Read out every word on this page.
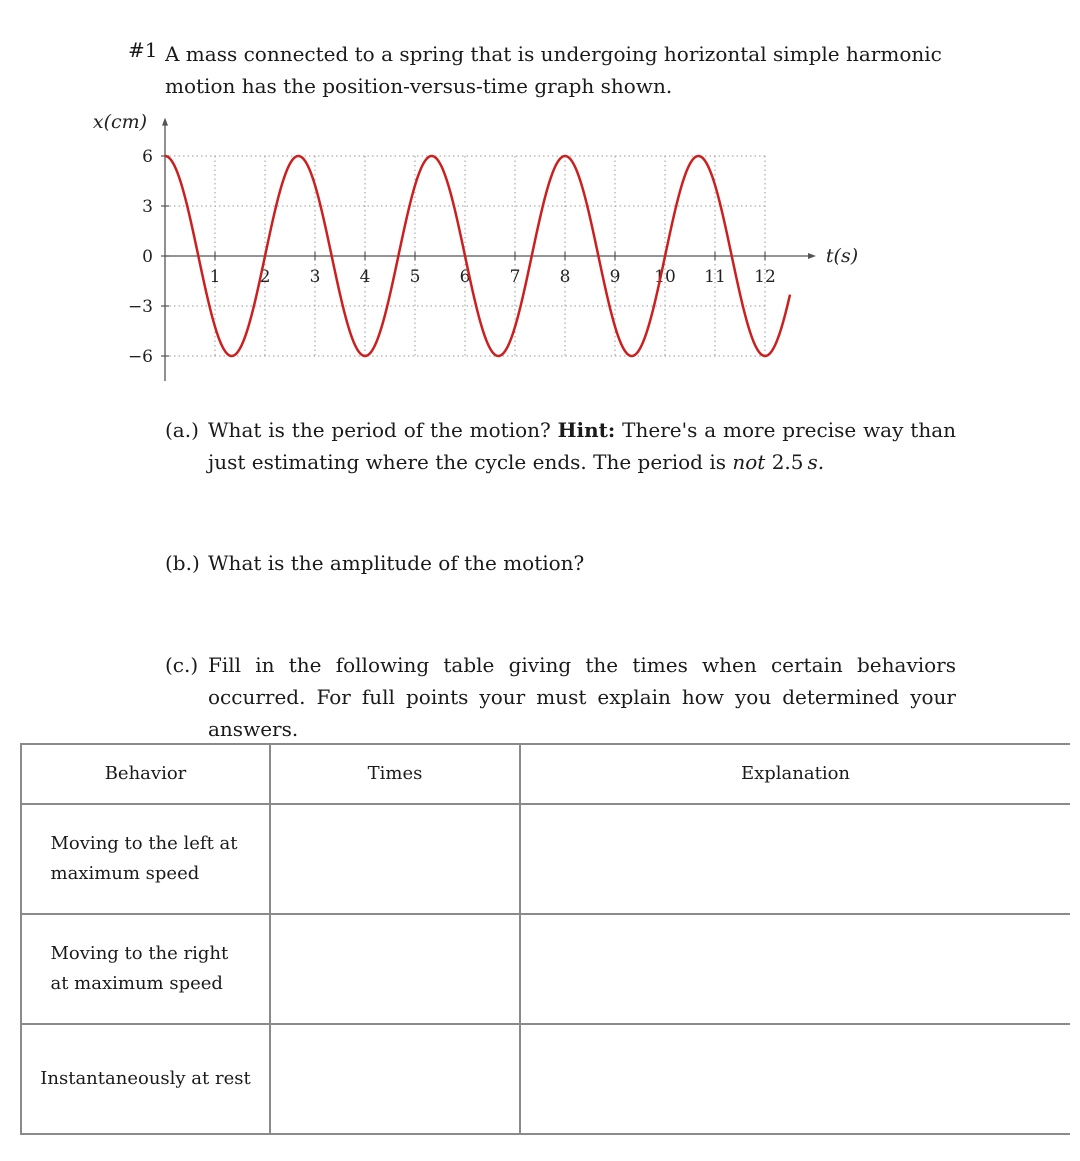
#1 A mass connected to a spring that is undergoing horizontal simple harmonic motion has the position-versus-time graph shown.
x(cm)
t(s)
6
3
0
−3
−6
1 2 3 4 5 6 7 8 9 10 11 12
(a.) What is the period of the motion? Hint: There's a more precise way than just estimating where the cycle ends. The period is not 2.5  s.
(b.) What is the amplitude of the motion?
(c.) Fill in the following table giving the times when certain behaviors occurred. For full points your must explain how you determined your answers.
Behavior	Times	Explanation
Moving to the left at maximum speed		
Moving to the right at maximum speed		
Instantaneously at rest		
